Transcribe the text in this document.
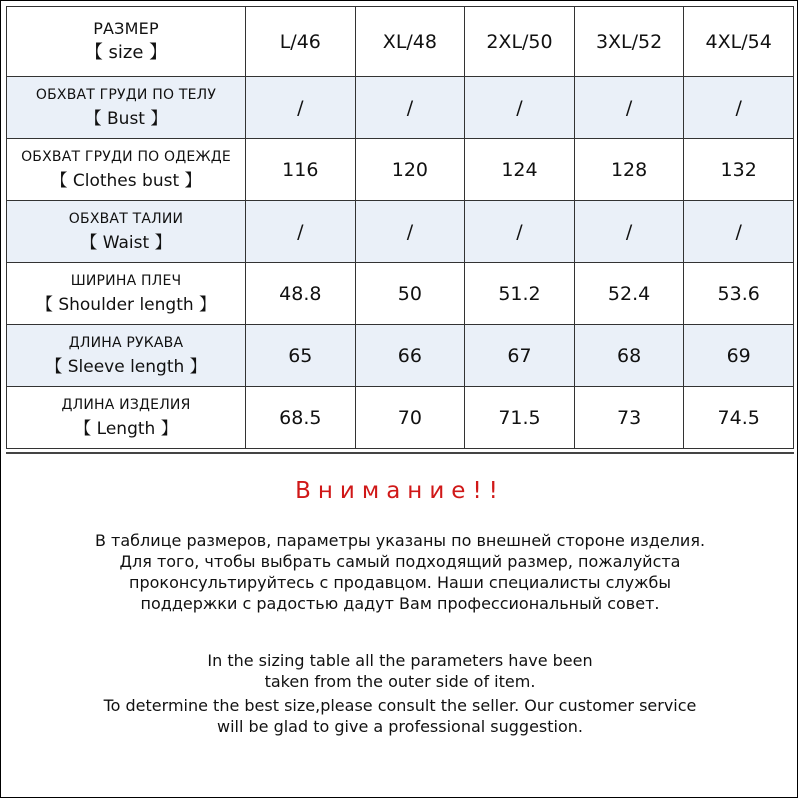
РАЗМЕР
【 size 】	L/46	XL/48	2XL/50	3XL/52	4XL/54

ОБХВАТ ГРУДИ ПО ТЕЛУ
【 Bust 】	/	/	/	/	/

ОБХВАТ ГРУДИ ПО ОДЕЖДЕ
【 Clothes bust 】	116	120	124	128	132

ОБХВАТ ТАЛИИ
【 Waist 】	/	/	/	/	/

ШИРИНА ПЛЕЧ
【 Shoulder length 】	48.8	50	51.2	52.4	53.6

ДЛИНА РУКАВА
【 Sleeve length 】	65	66	67	68	69

ДЛИНА ИЗДЕЛИЯ
【 Length 】	68.5	70	71.5	73	74.5
Внимание!!
В таблице размеров, параметры указаны по внешней стороне изделия.
Для того, чтобы выбрать самый подходящий размер, пожалуйста
проконсультируйтесь с продавцом. Наши специалисты службы
поддержки с радостью дадут Вам профессиональный совет.
In the sizing table all the parameters have been
taken from the outer side of item.
To determine the best size,please consult the seller. Our customer service
will be glad to give a professional suggestion.
